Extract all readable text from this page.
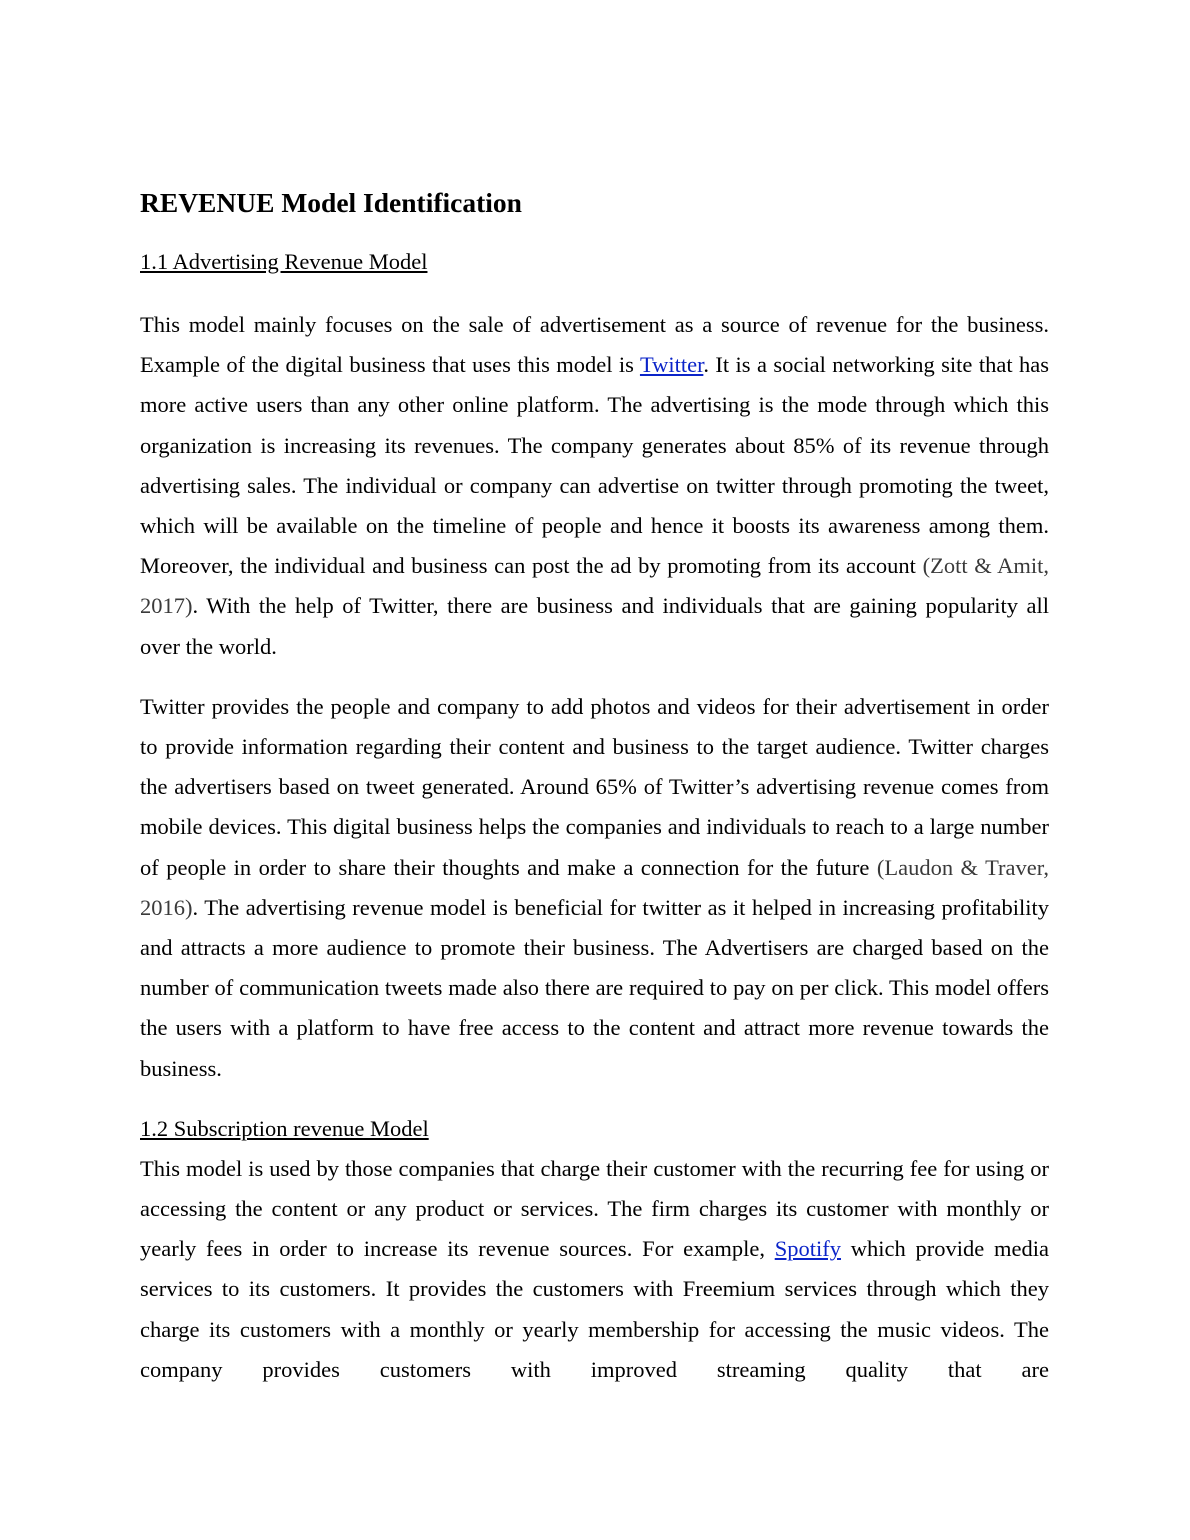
REVENUE Model Identification
1.1 Advertising Revenue Model

This model mainly focuses on the sale of advertisement as a source of revenue for the business. Example of the digital business that uses this model is Twitter. It is a social networking site that has more active users than any other online platform. The advertising is the mode through which this organization is increasing its revenues. The company generates about 85% of its revenue through advertising sales. The individual or company can advertise on twitter through promoting the tweet, which will be available on the timeline of people and hence it boosts its awareness among them. Moreover, the individual and business can post the ad by promoting from its account (Zott & Amit, 2017). With the help of Twitter, there are business and individuals that are gaining popularity all over the world.

Twitter provides the people and company to add photos and videos for their advertisement in order to provide information regarding their content and business to the target audience. Twitter charges the advertisers based on tweet generated. Around 65% of Twitter’s advertising revenue comes from mobile devices. This digital business helps the companies and individuals to reach to a large number of people in order to share their thoughts and make a connection for the future (Laudon & Traver, 2016). The advertising revenue model is beneficial for twitter as it helped in increasing profitability and attracts a more audience to promote their business. The Advertisers are charged based on the number of communication tweets made also there are required to pay on per click. This model offers the users with a platform to have free access to the content and attract more revenue towards the business.

1.2 Subscription revenue Model

This model is used by those companies that charge their customer with the recurring fee for using or accessing the content or any product or services. The firm charges its customer with monthly or yearly fees in order to increase its revenue sources. For example, Spotify which provide media services to its customers. It provides the customers with Freemium services through which they charge its customers with a monthly or yearly membership for accessing the music videos. The company provides customers with improved streaming quality that are
